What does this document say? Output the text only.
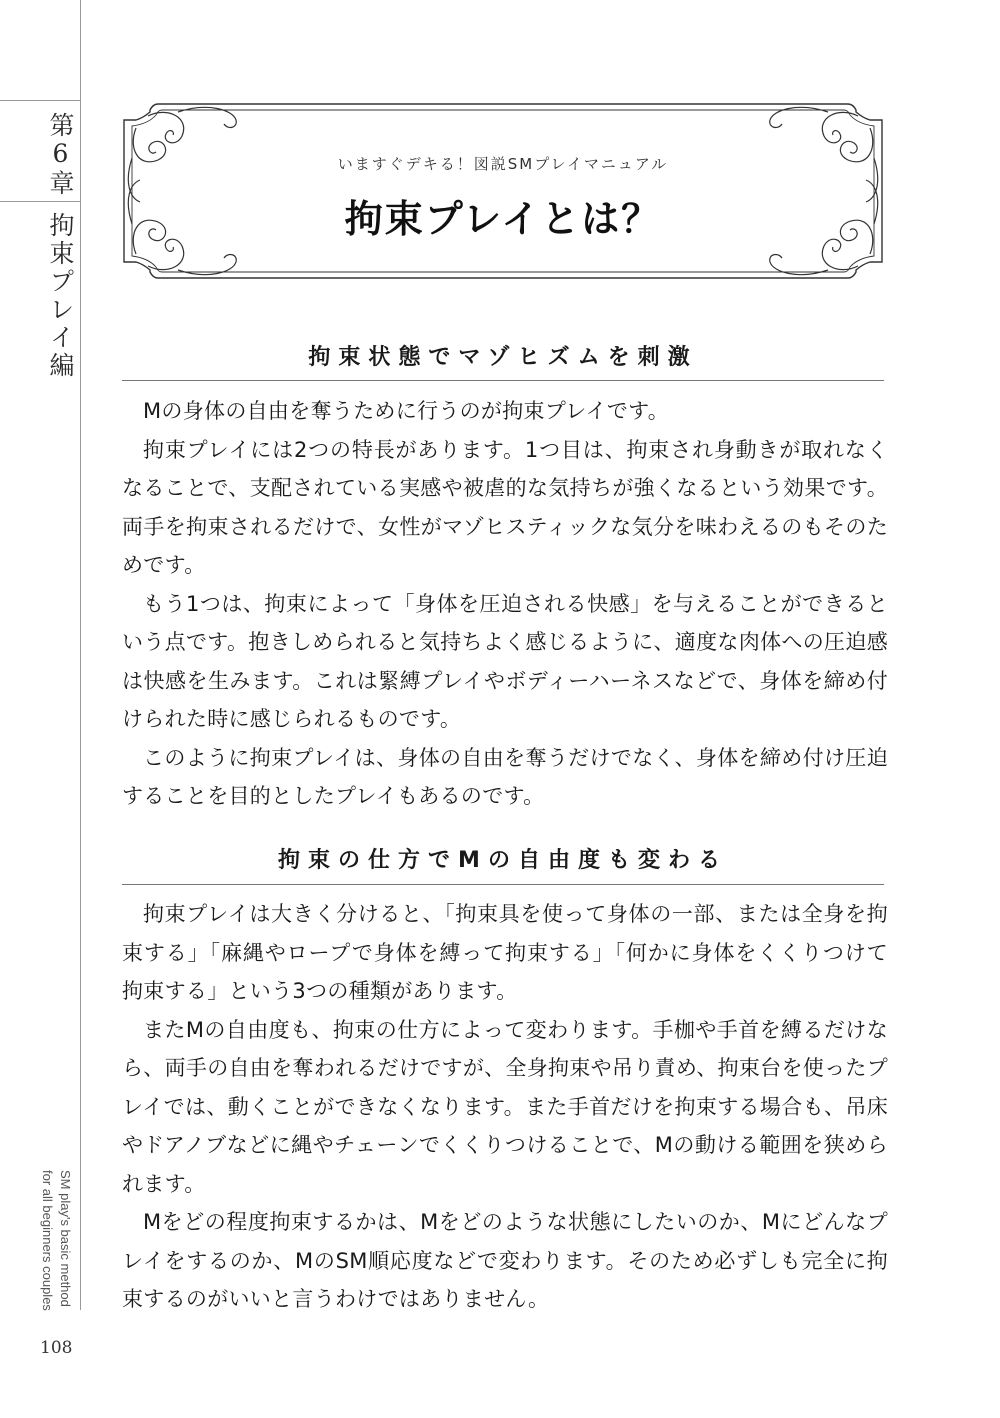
第6章
拘束プレイ編
SM play's basic method
for all beginners couples
108
いますぐデキる！図説SMプレイマニュアル
拘束プレイとは？
拘束状態でマゾヒズムを刺激

Mの身体の自由を奪うために行うのが拘束プレイです。

拘束プレイには2つの特長があります。1つ目は、拘束され身動きが取れなくなることで、支配されている実感や被虐的な気持ちが強くなるという効果です。両手を拘束されるだけで、女性がマゾヒスティックな気分を味わえるのもそのためです。

もう1つは、拘束によって「身体を圧迫される快感」を与えることができるという点です。抱きしめられると気持ちよく感じるように、適度な肉体への圧迫感は快感を生みます。これは緊縛プレイやボディーハーネスなどで、身体を締め付けられた時に感じられるものです。

このように拘束プレイは、身体の自由を奪うだけでなく、身体を締め付け圧迫することを目的としたプレイもあるのです。

拘束の仕方でMの自由度も変わる

拘束プレイは大きく分けると、「拘束具を使って身体の一部、または全身を拘束する」「麻縄やロープで身体を縛って拘束する」「何かに身体をくくりつけて拘束する」という3つの種類があります。

またMの自由度も、拘束の仕方によって変わります。手枷や手首を縛るだけなら、両手の自由を奪われるだけですが、全身拘束や吊り責め、拘束台を使ったプレイでは、動くことができなくなります。また手首だけを拘束する場合も、吊床やドアノブなどに縄やチェーンでくくりつけることで、Mの動ける範囲を狭められます。

Mをどの程度拘束するかは、Mをどのような状態にしたいのか、Mにどんなプレイをするのか、MのSM順応度などで変わります。そのため必ずしも完全に拘束するのがいいと言うわけではありません。
